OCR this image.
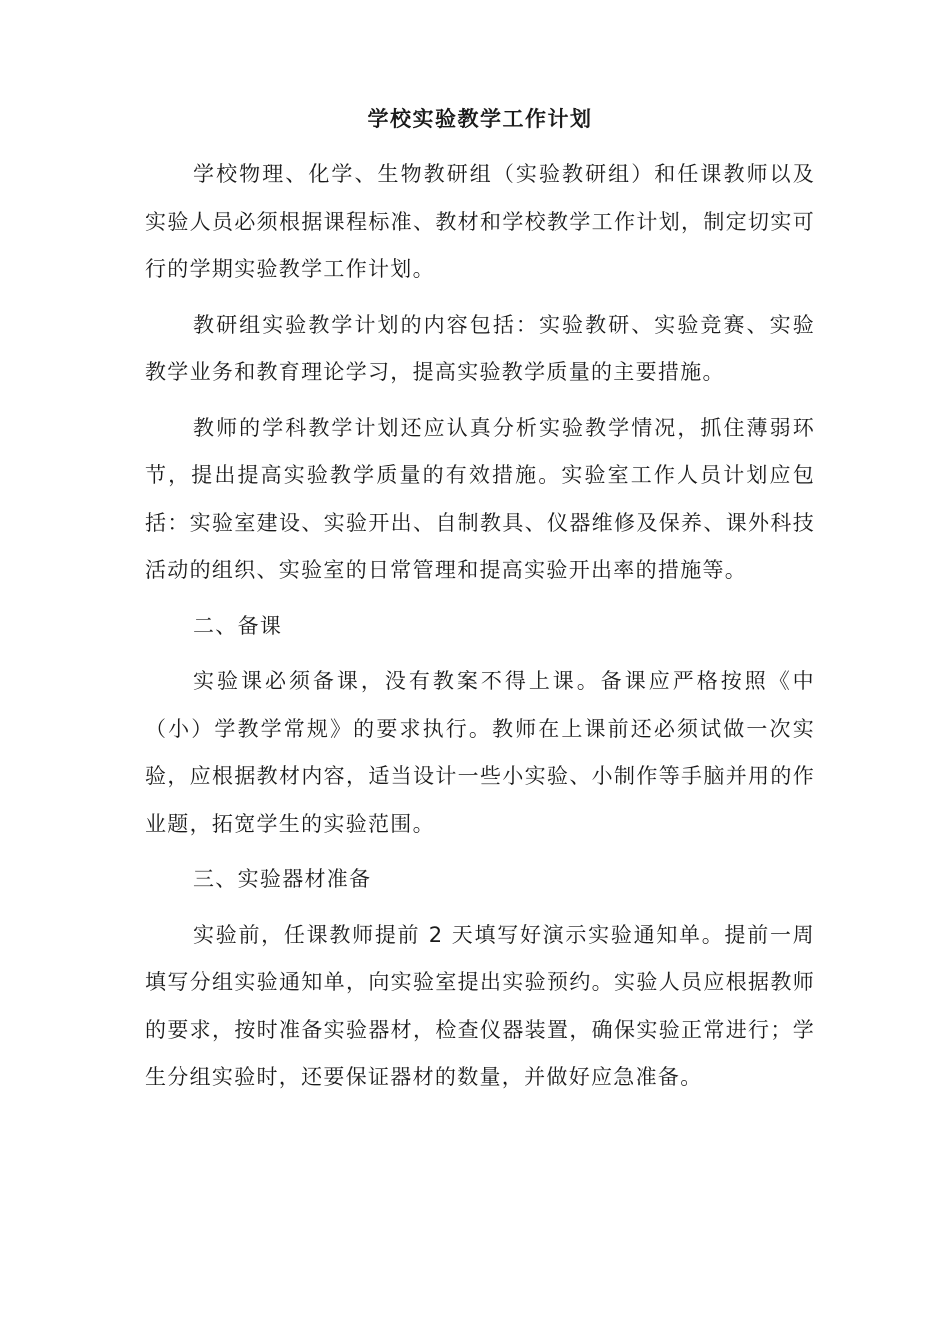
学校实验教学工作计划

学校物理、化学、生物教研组（实验教研组）和任课教师以及实验人员必须根据课程标准、教材和学校教学工作计划，制定切实可行的学期实验教学工作计划。

教研组实验教学计划的内容包括：实验教研、实验竞赛、实验教学业务和教育理论学习，提高实验教学质量的主要措施。

教师的学科教学计划还应认真分析实验教学情况，抓住薄弱环节，提出提高实验教学质量的有效措施。实验室工作人员计划应包括：实验室建设、实验开出、自制教具、仪器维修及保养、课外科技活动的组织、实验室的日常管理和提高实验开出率的措施等。

二、备课

实验课必须备课，没有教案不得上课。备课应严格按照《中（小）学教学常规》的要求执行。教师在上课前还必须试做一次实验，应根据教材内容，适当设计一些小实验、小制作等手脑并用的作业题，拓宽学生的实验范围。

三、实验器材准备

实验前，任课教师提前 2 天填写好演示实验通知单。提前一周填写分组实验通知单，向实验室提出实验预约。实验人员应根据教师的要求，按时准备实验器材，检查仪器装置，确保实验正常进行；学生分组实验时，还要保证器材的数量，并做好应急准备。
